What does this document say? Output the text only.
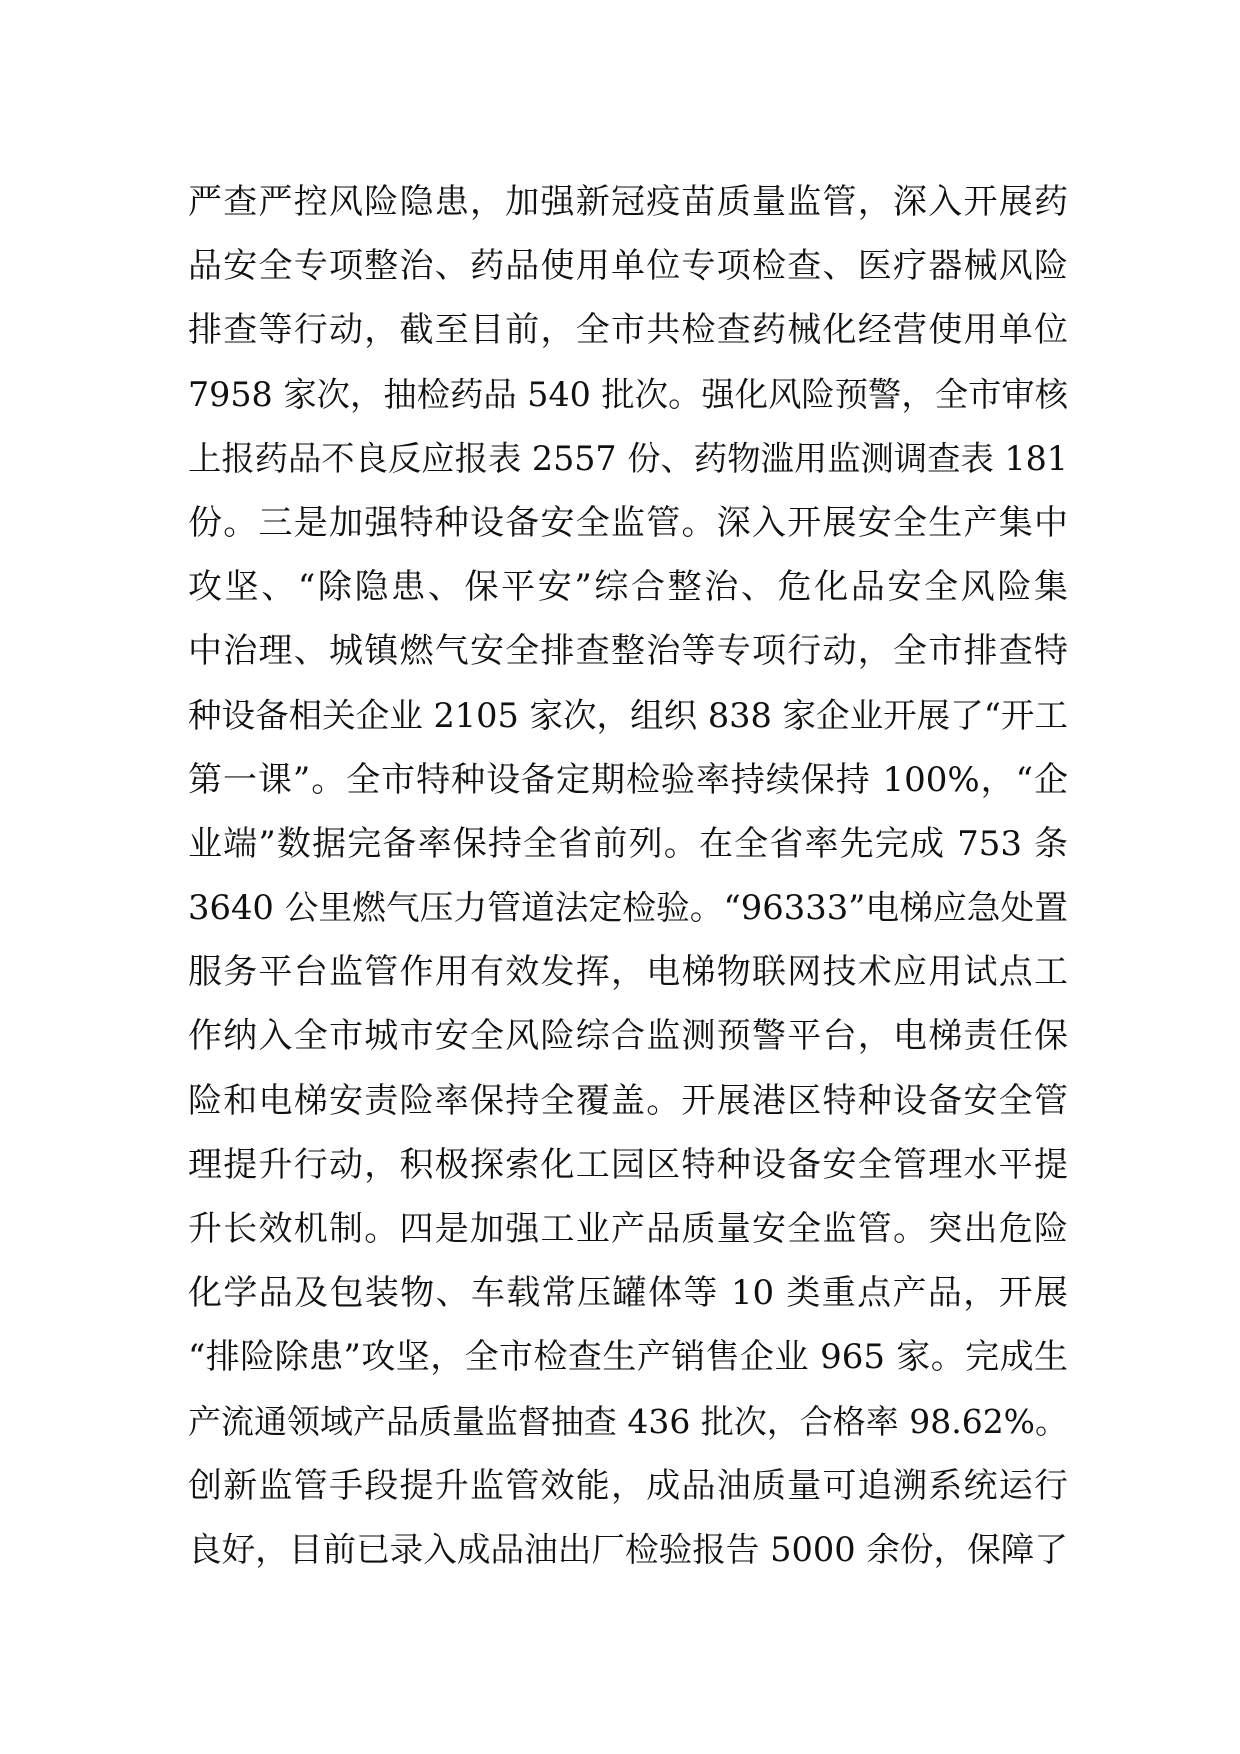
严查严控风险隐患，加强新冠疫苗质量监管，深入开展药
品安全专项整治、药品使用单位专项检查、医疗器械风险
排查等行动，截至目前，全市共检查药械化经营使用单位
7958 家次，抽检药品 540 批次。强化风险预警，全市审核
上报药品不良反应报表 2557 份、药物滥用监测调查表 181
份。三是加强特种设备安全监管。深入开展安全生产集中
攻坚、“除隐患、保平安”综合整治、危化品安全风险集
中治理、城镇燃气安全排查整治等专项行动，全市排查特
种设备相关企业 2105 家次，组织 838 家企业开展了“开工
第一课”。全市特种设备定期检验率持续保持 100%，“企
业端”数据完备率保持全省前列。在全省率先完成 753 条
3640 公里燃气压力管道法定检验。“96333”电梯应急处置
服务平台监管作用有效发挥，电梯物联网技术应用试点工
作纳入全市城市安全风险综合监测预警平台，电梯责任保
险和电梯安责险率保持全覆盖。开展港区特种设备安全管
理提升行动，积极探索化工园区特种设备安全管理水平提
升长效机制。四是加强工业产品质量安全监管。突出危险
化学品及包装物、车载常压罐体等 10 类重点产品，开展
“排险除患”攻坚，全市检查生产销售企业 965 家。完成生
产流通领域产品质量监督抽查 436 批次，合格率 98.62%。
创新监管手段提升监管效能，成品油质量可追溯系统运行
良好，目前已录入成品油出厂检验报告 5000 余份，保障了
